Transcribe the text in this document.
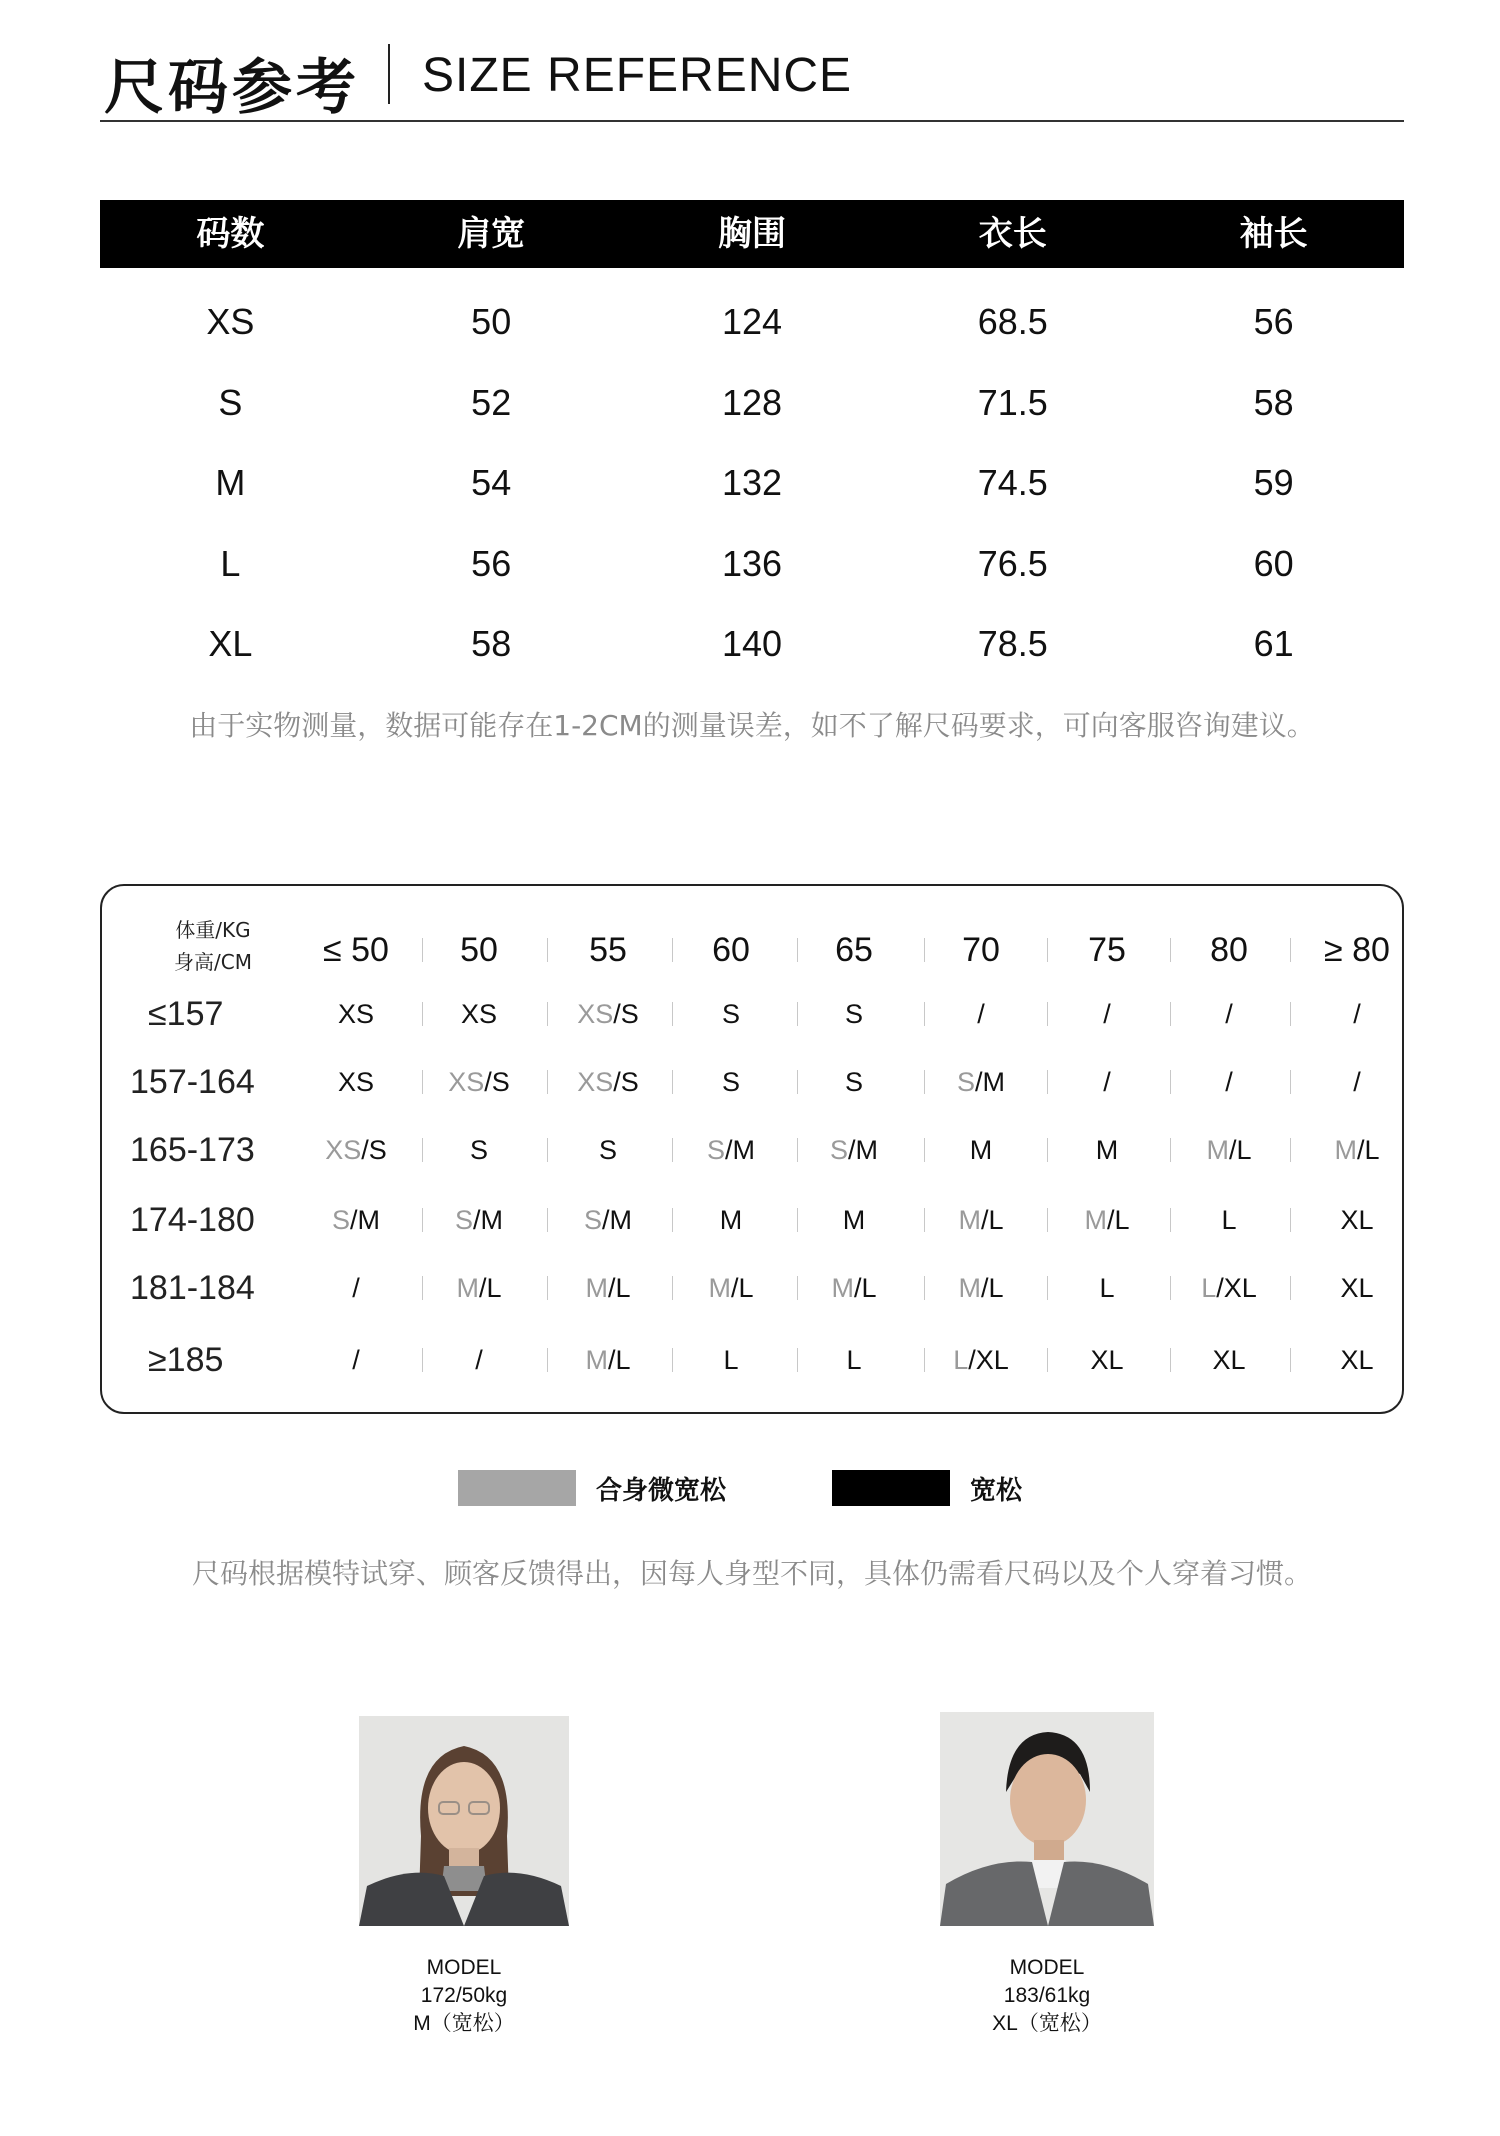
尺码参考 SIZE REFERENCE
码数	肩宽	胸围	衣长	袖长
XS	50	124	68.5	56
S	52	128	71.5	58
M	54	132	74.5	59
L	56	136	76.5	60
XL	58	140	78.5	61
由于实物测量，数据可能存在1-2CM的测量误差，如不了解尺码要求，可向客服咨询建议。
体重/KG
身高/CM	≤ 50	50	55	60	65	70	75	80	≥ 80
≤157	XS	XS	XS/S	S	S	/	/	/	/
157-164	XS	XS/S	XS/S	S	S	S/M	/	/	/
165-173	XS/S	S	S	S/M	S/M	M	M	M/L	M/L
174-180	S/M	S/M	S/M	M	M	M/L	M/L	L	XL
181-184	/	M/L	M/L	M/L	M/L	M/L	L	L/XL	XL
≥185	/	/	M/L	L	L	L/XL	XL	XL	XL
合身微宽松	宽松
尺码根据模特试穿、顾客反馈得出，因每人身型不同，具体仍需看尺码以及个人穿着习惯。
MODEL
172/50kg
M（宽松）
MODEL
183/61kg
XL（宽松）
